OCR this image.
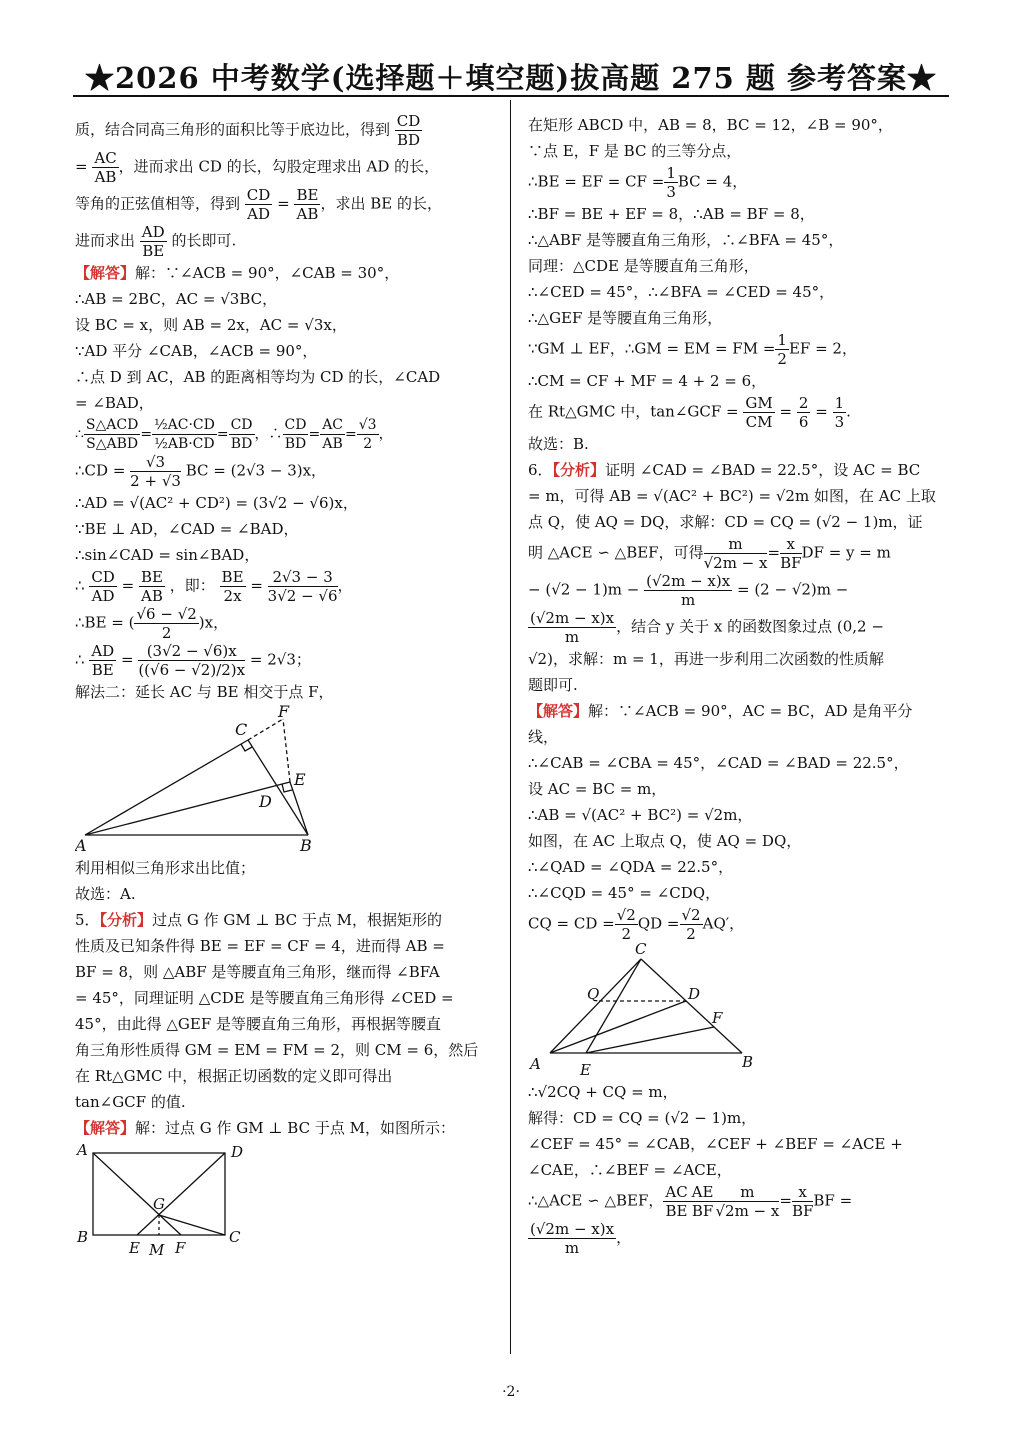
★2026 中考数学(选择题＋填空题)拔高题 275 题 参考答案★

质，结合同高三角形的面积比等于底边比，得到 $\frac{CD}{BD}$

= $\frac{AC}{AB}$ ，进而求出 CD 的长，勾股定理求出 AD 的长，

等角的正弦值相等，得到 $\frac{CD}{AD} = \frac{BE}{AB}$ ，求出 BE 的长，

进而求出 $\frac{AD}{BE}$ 的长即可.

【解答】解：∵∠ACB = 90°，∠CAB = 30°，

∴AB = 2BC，AC = √3BC，

设 BC = x，则 AB = 2x，AC = √3x，

∵AD 平分 ∠CAB，∠ACB = 90°，

∴点 D 到 AC，AB 的距离相等均为 CD 的长，∠CAD

= ∠BAD，

∴ $\frac{\text{S△ACD}}{\text{S△ABD}} = \frac{\text{½AC·CD}}{\text{½AB·CD}} = \frac{CD}{BD}$ ，∴ $\frac{CD}{BD} = \frac{AC}{AB} = \frac{√3}{2}$ ，

∴CD = $\frac{√3}{2 + √3}$ BC = (2√3 − 3)x，

∴AD = √(AC² + CD²) = (3√2 − √6)x，

∵BE ⊥ AD，∠CAD = ∠BAD，

∴sin∠CAD = sin∠BAD，

∴ $\frac{CD}{AD} = \frac{BE}{AB}$ ，即： $\frac{BE}{2x} = \frac{2√3 - 3}{3√2 - √6}$ ，

∴BE = ( $\frac{√6 - √2}{2} )x$，

∴ $\frac{AD}{BE} = \frac{(3√2 - √6)x}{((√6 - √2)/2)x} = 2√3$；

解法二：延长 AC 与 BE 相交于点 F，

A	B
C
D
E
F

利用相似三角形求出比值；

故选：A.

5．【分析】过点 G 作 GM ⊥ BC 于点 M，根据矩形的

性质及已知条件得 BE = EF = CF = 4，进而得 AB =

BF = 8，则 △ABF 是等腰直角三角形，继而得 ∠BFA

= 45°，同理证明 △CDE 是等腰直角三角形得 ∠CED =

45°，由此得 △GEF 是等腰直角三角形，再根据等腰直

角三角形性质得 GM = EM = FM = 2，则 CM = 6，然后

在 Rt△GMC 中，根据正切函数的定义即可得出

tan∠GCF 的值.

【解答】解：过点 G 作 GM ⊥ BC 于点 M，如图所示：

A	D
B	C
G
E M F

在矩形 ABCD 中，AB = 8，BC = 12，∠B = 90°，

∵点 E，F 是 BC 的三等分点，

∴BE = EF = CF = $\frac{1}{3}$ BC = 4，

∴BF = BE + EF = 8，∴AB = BF = 8，

∴△ABF 是等腰直角三角形，∴∠BFA = 45°，

同理：△CDE 是等腰直角三角形，

∴∠CED = 45°，∴∠BFA = ∠CED = 45°，

∴△GEF 是等腰直角三角形，

∵GM ⊥ EF，∴GM = EM = FM = $\frac{1}{2}$ EF = 2，

∴CM = CF + MF = 4 + 2 = 6，

在 Rt△GMC 中，tan∠GCF = $\frac{GM}{CM} = \frac{2}{6} = \frac{1}{3}$ .

故选：B.

6．【分析】证明 ∠CAD = ∠BAD = 22.5°，设 AC = BC

= m，可得 AB = √(AC² + BC²) = √2m 如图，在 AC 上取

点 Q，使 AQ = DQ，求解：CD = CQ = (√2 − 1)m，证

明 △ACE ∽ △BEF，可得 $\frac{m}{√2m - x} = \frac{x}{BF}$ DF = y = m

− $(√2 - 1)m - \frac{(√2m - x)x}{m} = (2 - √2)m$ −

$\frac{(√2m - x)x}{m}$ ，结合 y 关于 x 的函数图象过点 (0,2 −

√2)，求解：m = 1，再进一步利用二次函数的性质解

题即可.

【解答】解：∵∠ACB = 90°，AC = BC，AD 是角平分

线，

∴∠CAB = ∠CBA = 45°，∠CAD = ∠BAD = 22.5°，

设 AC = BC = m，

∴AB = √(AC² + BC²) = √2m，

如图，在 AC 上取点 Q，使 AQ = DQ，

∴∠QAD = ∠QDA = 22.5°，

∴∠CQD = 45° = ∠CDQ，

CQ = CD = $\frac{√2}{2}$ QD = $\frac{√2}{2} AQ'$，

C
Q	D
F
A	E	B

∴√2CQ + CQ = m，

解得：CD = CQ = (√2 − 1)m，

∠CEF = 45° = ∠CAB，∠CEF + ∠BEF = ∠ACE +

∠CAE，∴∠BEF = ∠ACE，

∴△ACE ∽ △BEF， $\frac{AC}{BE} \frac{AE}{BF} \frac{m}{√2m - x} = \frac{x}{BF}$ BF =

$\frac{(√2m - x)x}{m}$ ，

·2·
